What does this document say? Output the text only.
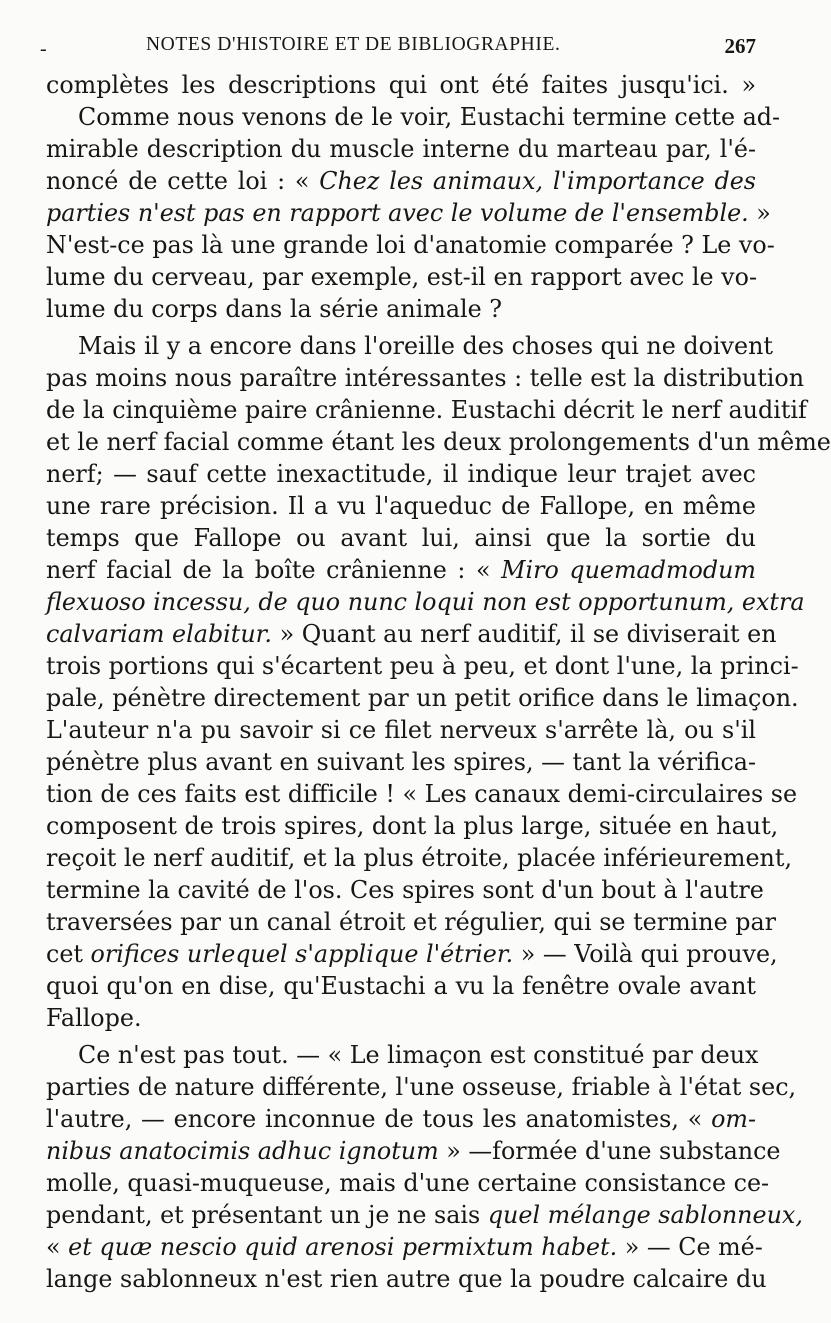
-	NOTES D'HISTOIRE ET DE BIBLIOGRAPHIE.	267
complètes les descriptions qui ont été faites jusqu'ici. »
Comme nous venons de le voir, Eustachi termine cette ad-
mirable description du muscle interne du marteau par, l'é-
noncé de cette loi : « Chez les animaux, l'importance des
parties n'est pas en rapport avec le volume de l'ensemble. »
N'est-ce pas là une grande loi d'anatomie comparée ? Le vo-
lume du cerveau, par exemple, est-il en rapport avec le vo-
lume du corps dans la série animale ?
Mais il y a encore dans l'oreille des choses qui ne doivent
pas moins nous paraître intéressantes : telle est la distribution
de la cinquième paire crânienne. Eustachi décrit le nerf auditif
et le nerf facial comme étant les deux prolongements d'un même
nerf; — sauf cette inexactitude, il indique leur trajet avec
une rare précision. Il a vu l'aqueduc de Fallope, en même
temps que Fallope ou avant lui, ainsi que la sortie du
nerf facial de la boîte crânienne : « Miro quemadmodum
flexuoso incessu, de quo nunc loqui non est opportunum, extra
calvariam elabitur. » Quant au nerf auditif, il se diviserait en
trois portions qui s'écartent peu à peu, et dont l'une, la princi-
pale, pénètre directement par un petit orifice dans le limaçon.
L'auteur n'a pu savoir si ce filet nerveux s'arrête là, ou s'il
pénètre plus avant en suivant les spires, — tant la vérifica-
tion de ces faits est difficile ! « Les canaux demi-circulaires se
composent de trois spires, dont la plus large, située en haut,
reçoit le nerf auditif, et la plus étroite, placée inférieurement,
termine la cavité de l'os. Ces spires sont d'un bout à l'autre
traversées par un canal étroit et régulier, qui se termine par
cet orifices urlequel s'applique l'étrier. » — Voilà qui prouve,
quoi qu'on en dise, qu'Eustachi a vu la fenêtre ovale avant
Fallope.
Ce n'est pas tout. — « Le limaçon est constitué par deux
parties de nature différente, l'une osseuse, friable à l'état sec,
l'autre, — encore inconnue de tous les anatomistes, « om-
nibus anatocimis adhuc ignotum » —formée d'une substance
molle, quasi-muqueuse, mais d'une certaine consistance ce-
pendant, et présentant un je ne sais quel mélange sablonneux,
« et quæ nescio quid arenosi permixtum habet. » — Ce mé-
lange sablonneux n'est rien autre que la poudre calcaire du
